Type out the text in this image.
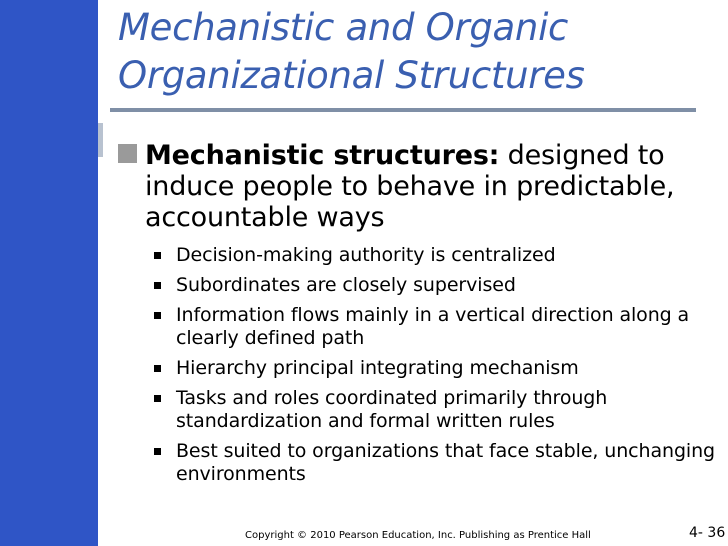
Mechanistic and Organic
Organizational Structures
Mechanistic structures: designed to induce people to behave in predictable, accountable ways
Decision-making authority is centralized
Subordinates are closely supervised
Information flows mainly in a vertical direction along a clearly defined path
Hierarchy principal integrating mechanism
Tasks and roles coordinated primarily through standardization and formal written rules
Best suited to organizations that face stable, unchanging environments
Copyright © 2010 Pearson Education, Inc. Publishing as Prentice Hall	4- 36
